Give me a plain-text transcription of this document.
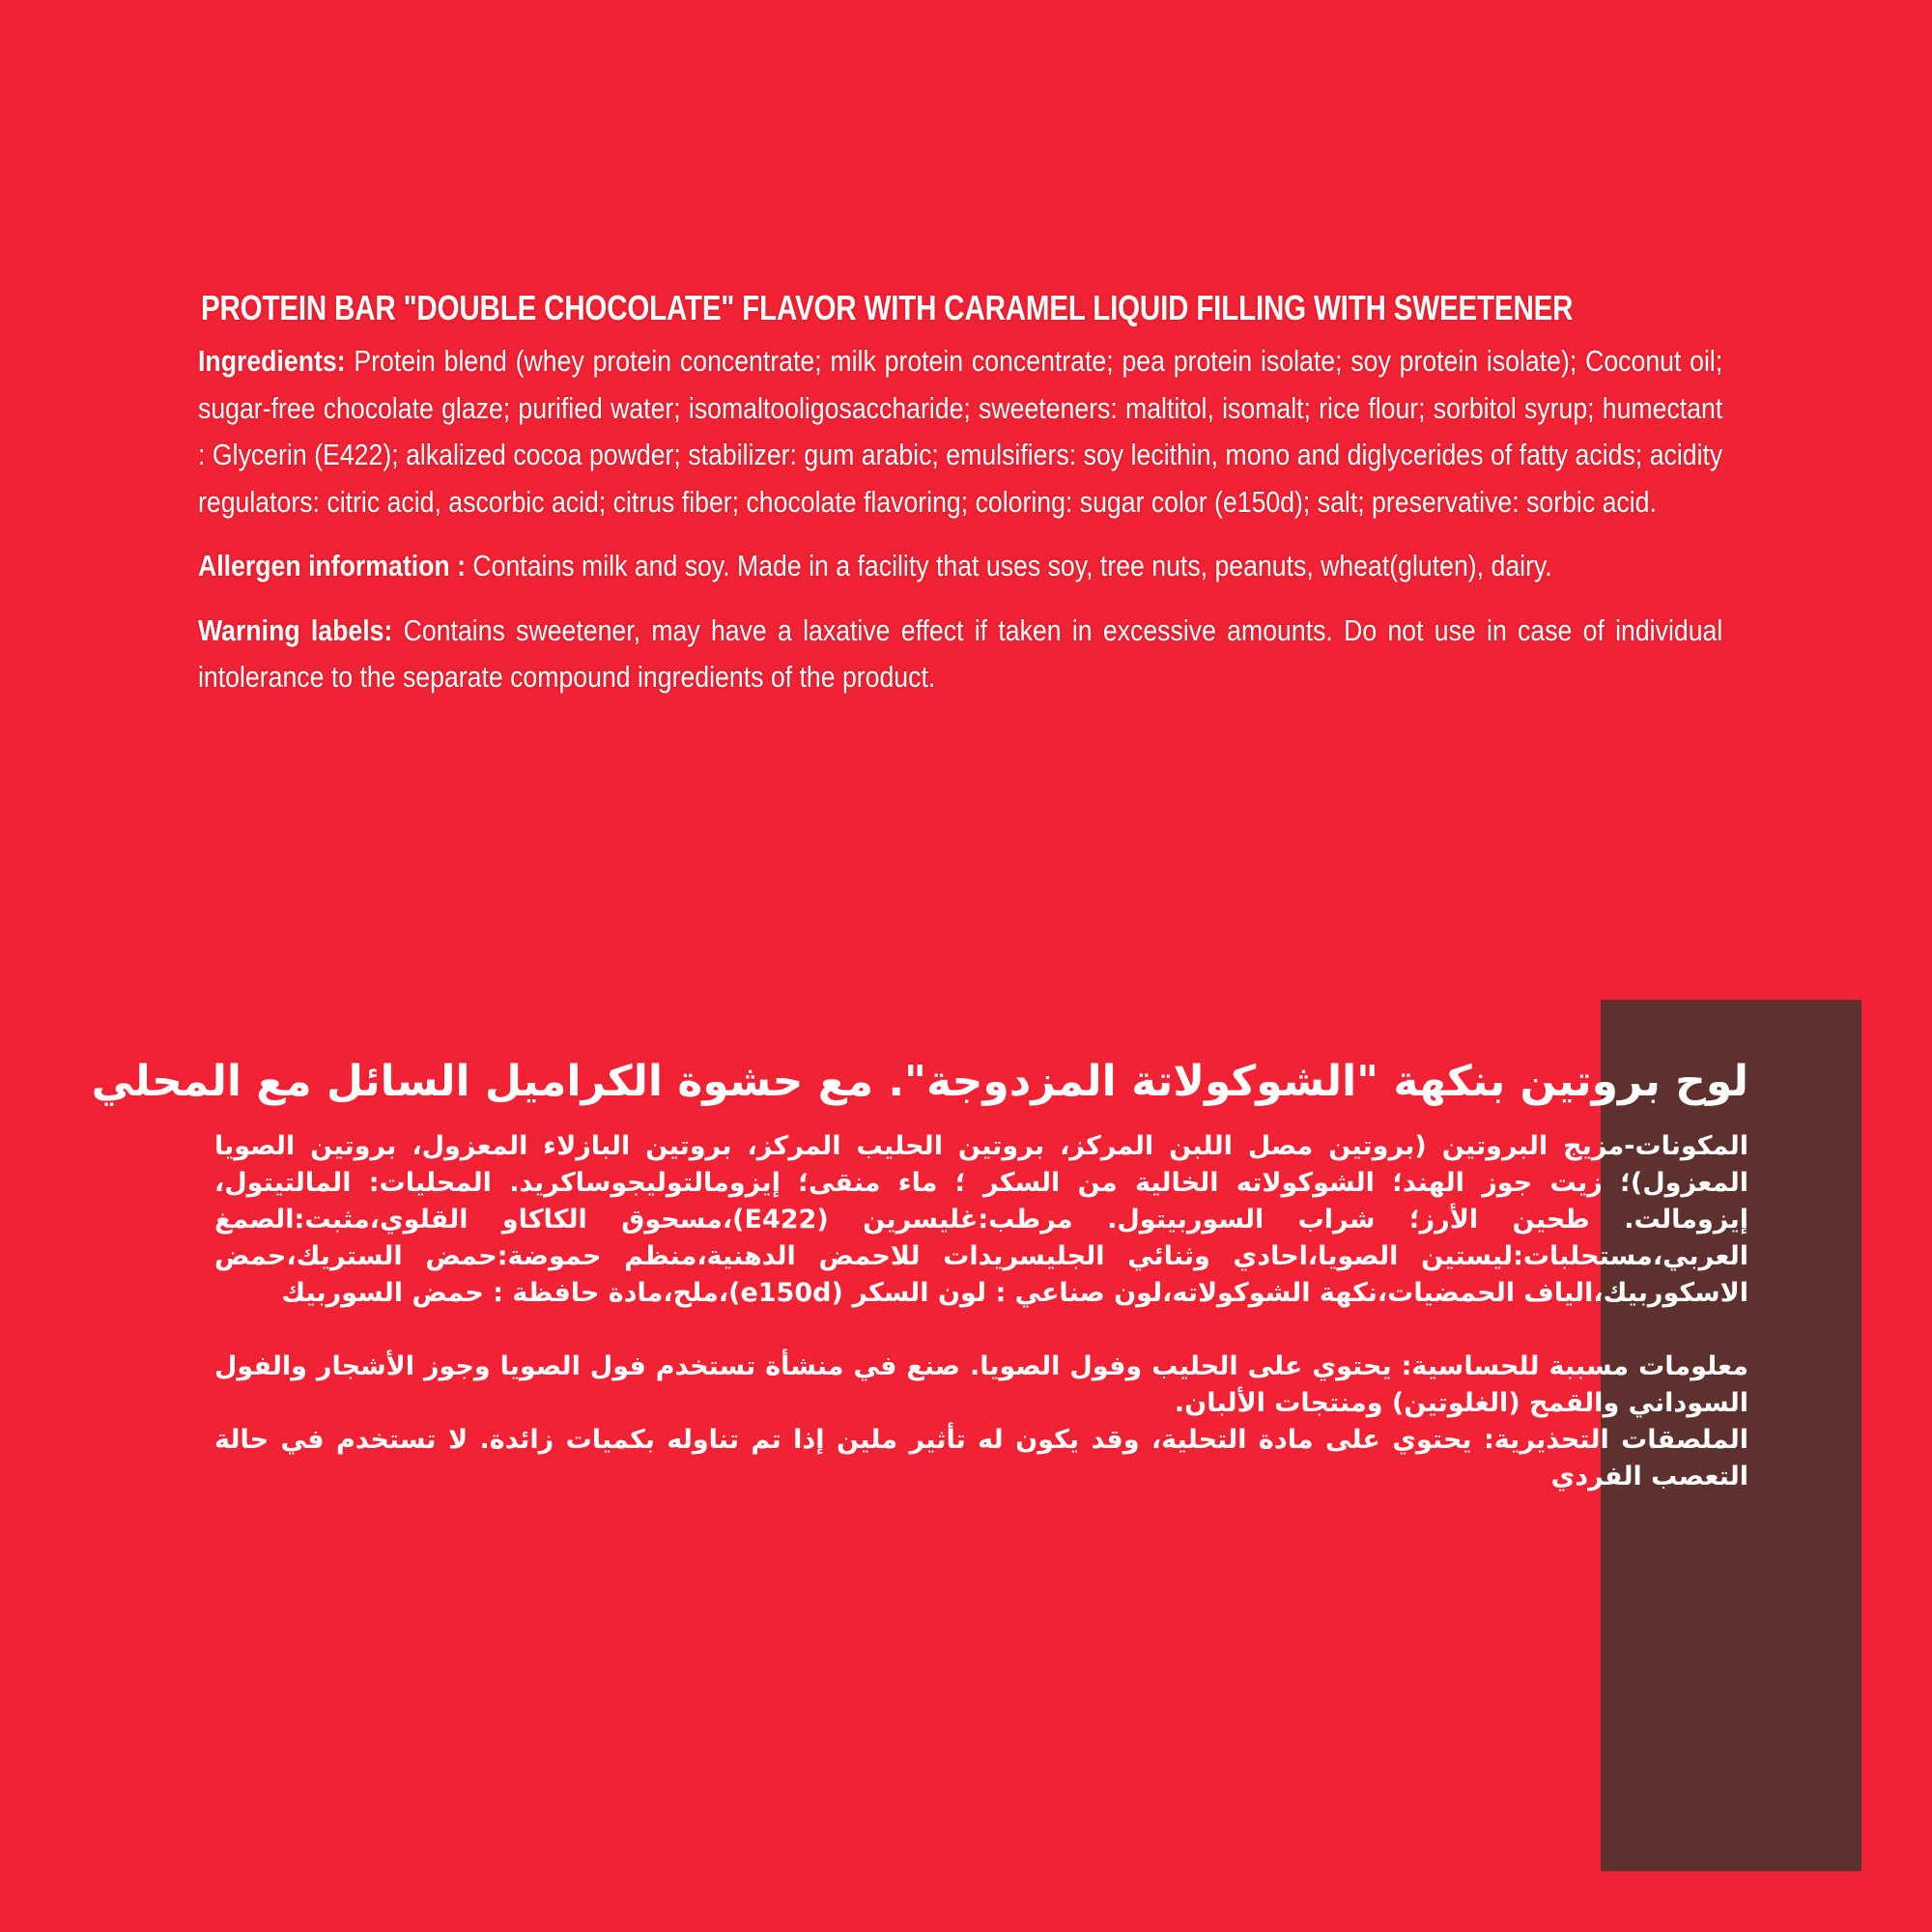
PROTEIN BAR "DOUBLE CHOCOLATE" FLAVOR WITH CARAMEL LIQUID FILLING WITH SWEETENER

Ingredients: Protein blend (whey protein concentrate; milk protein concentrate; pea protein isolate; soy protein isolate); Coconut oil; sugar-free chocolate glaze; purified water; isomaltooligosaccharide; sweeteners: maltitol, isomalt; rice flour; sorbitol syrup; humectant : Glycerin (E422); alkalized cocoa powder; stabilizer: gum arabic; emulsifiers: soy lecithin, mono and diglycerides of fatty acids; acidity regulators: citric acid, ascorbic acid; citrus fiber; chocolate flavoring; coloring: sugar color (e150d); salt; preservative: sorbic acid.

Allergen information : Contains milk and soy. Made in a facility that uses soy, tree nuts, peanuts, wheat(gluten), dairy.

Warning labels: Contains sweetener, may have a laxative effect if taken in excessive amounts. Do not use in case of individual intolerance to the separate compound ingredients of the product.

لوح بروتين بنكهة "الشوكولاتة المزدوجة". مع حشوة الكراميل السائل مع المحلي

المكونات-مزيج البروتين (بروتين مصل اللبن المركز، بروتين الحليب المركز، بروتين البازلاء المعزول، بروتين الصويا المعزول)؛ زيت جوز الهند؛ الشوكولاته الخالية من السكر ؛ ماء منقى؛ إيزومالتوليجوساكريد. المحليات: المالتيتول، إيزومالت. طحين الأرز؛ شراب السوربيتول. مرطب:غليسرين (E422)،مسحوق الكاكاو القلوي،مثبت:الصمغ العربي،مستحلبات:ليستين الصويا،احادي وثنائي الجليسريدات للاحمض الدهنية،منظم حموضة:حمض الستريك،حمض الاسكوربيك،الياف الحمضيات،نكهة الشوكولاته،لون صناعي : لون السكر (e150d)،ملح،مادة حافظة : حمض السوربيك

معلومات مسببة للحساسية: يحتوي على الحليب وفول الصويا. صنع في منشأة تستخدم فول الصويا وجوز الأشجار والفول السوداني والقمح (الغلوتين) ومنتجات الألبان.

الملصقات التحذيرية: يحتوي على مادة التحلية، وقد يكون له تأثير ملين إذا تم تناوله بكميات زائدة. لا تستخدم في حالة التعصب الفردي
